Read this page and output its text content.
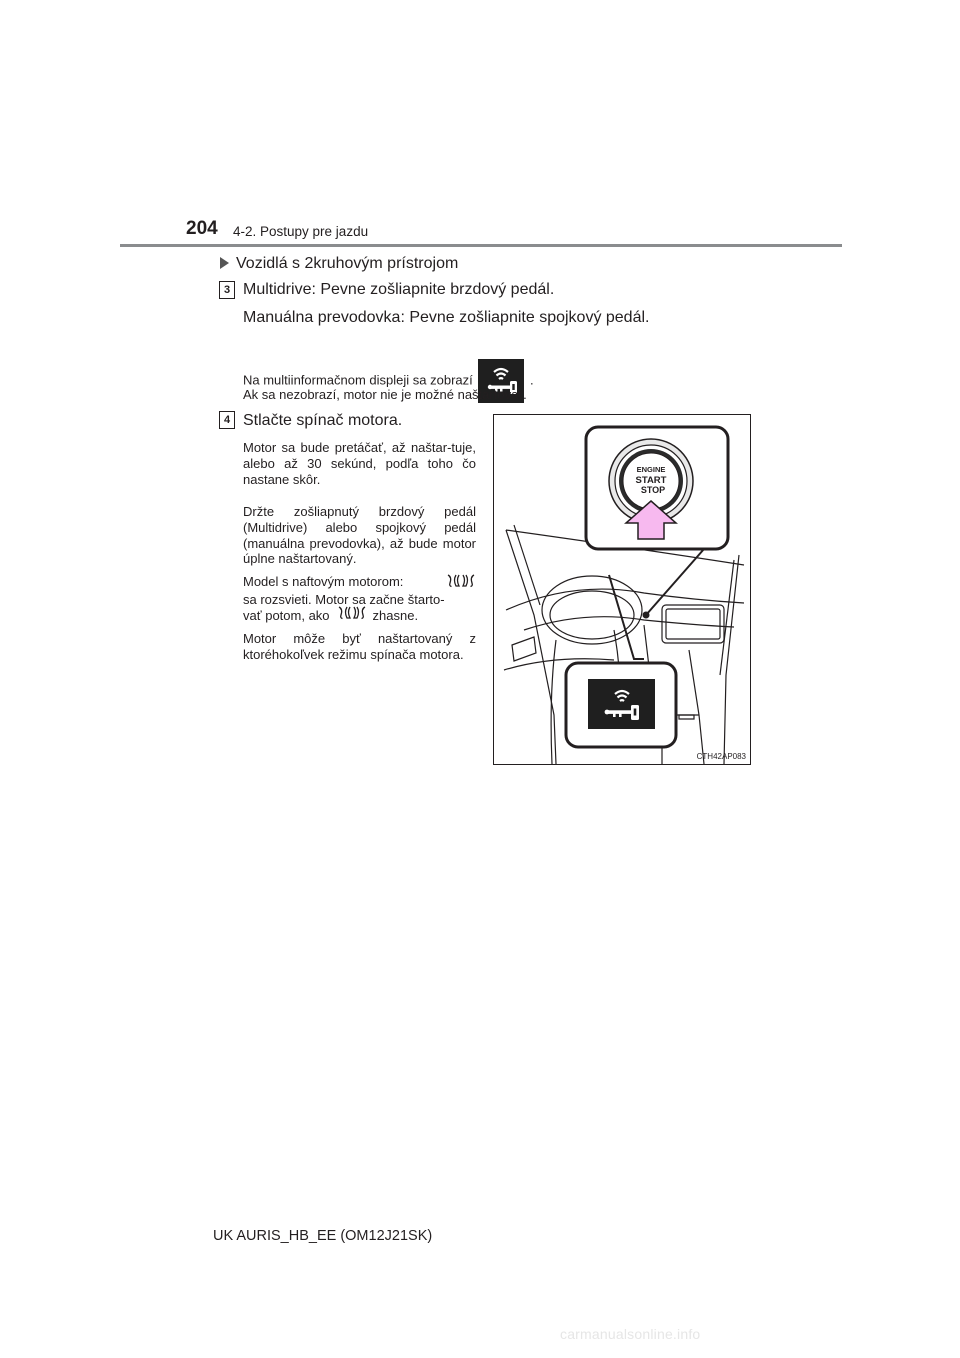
204 4-2. Postupy pre jazdu
Vozidlá s 2kruhovým prístrojom
3 Multidrive: Pevne zošliapnite brzdový pedál.
Manuálna prevodovka: Pevne zošliapnite spojkový pedál.
Na multiinformačnom displeji sa zobrazí	.
Ak sa nezobrazí, motor nie je možné naštartovať.
4 Stlačte spínač motora.
Motor sa bude pretáčať, až naštar-tuje, alebo až 30 sekúnd, podľa toho čo nastane skôr.
Držte zošliapnutý brzdový pedál (Multidrive) alebo spojkový pedál (manuálna prevodovka), až bude motor úplne naštartovaný.
Model s naftovým motorom:
sa rozsvieti. Motor sa začne štarto-
vať potom, ako	zhasne.
Motor môže byť naštartovaný z ktoréhokoľvek režimu spínača motora.
ENGINE
START
STOP
CTH42AP083
UK AURIS_HB_EE (OM12J21SK)
carmanualsonline.info
